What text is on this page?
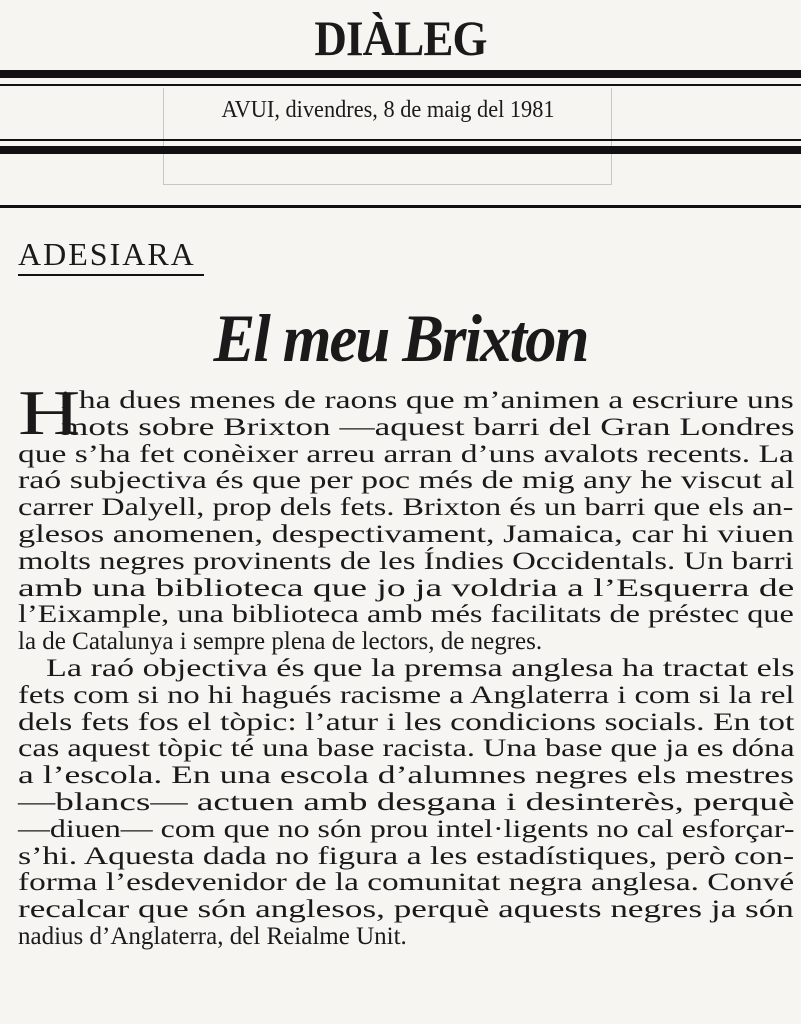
DIÀLEG
AVUI, divendres, 8 de maig del 1981
ADESIARA
El meu Brixton
H
i ha dues menes de raons que m’animen a escriure uns
mots sobre Brixton —aquest barri del Gran Londres
que s’ha fet conèixer arreu arran d’uns avalots recents. La
raó subjectiva és que per poc més de mig any he viscut al
carrer Dalyell, prop dels fets. Brixton és un barri que els an-
glesos anomenen, despectivament, Jamaica, car hi viuen
molts negres provinents de les Índies Occidentals. Un barri
amb una biblioteca que jo ja voldria a l’Esquerra de
l’Eixample, una biblioteca amb més facilitats de préstec que
la de Catalunya i sempre plena de lectors, de negres.
La raó objectiva és que la premsa anglesa ha tractat els
fets com si no hi hagués racisme a Anglaterra i com si la rel
dels fets fos el tòpic: l’atur i les condicions socials. En tot
cas aquest tòpic té una base racista. Una base que ja es dóna
a l’escola. En una escola d’alumnes negres els mestres
—blancs— actuen amb desgana i desinterès, perquè
—diuen— com que no són prou intel·ligents no cal esforçar-
s’hi. Aquesta dada no figura a les estadístiques, però con-
forma l’esdevenidor de la comunitat negra anglesa. Convé
recalcar que són anglesos, perquè aquests negres ja són
nadius d’Anglaterra, del Reialme Unit.
